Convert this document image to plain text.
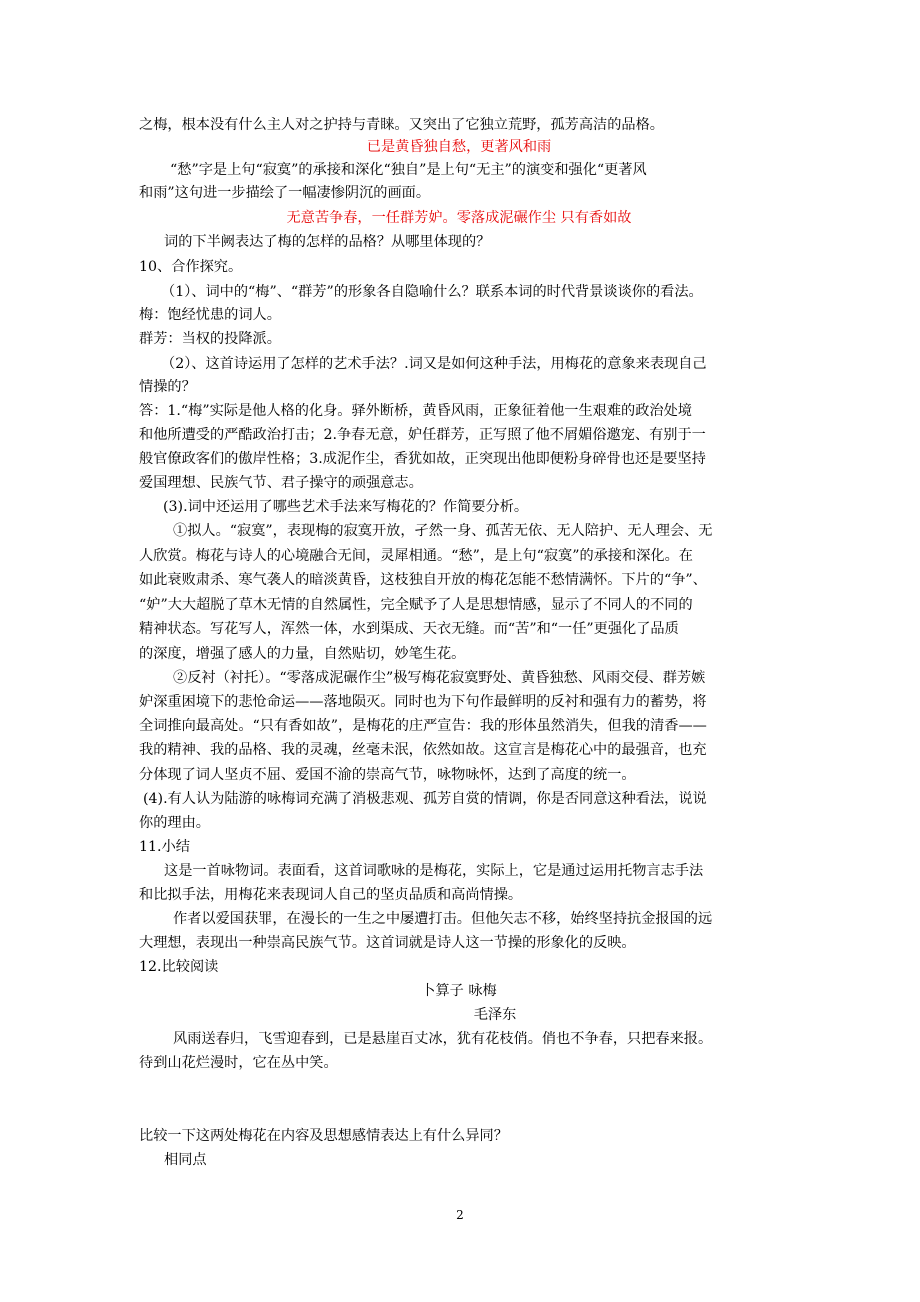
之梅，根本没有什么主人对之护持与青睐。又突出了它独立荒野，孤芳高洁的品格。
已是黄昏独自愁，更著风和雨
“愁”字是上句“寂寞”的承接和深化“独自”是上句“无主”的演变和强化“更著风
和雨”这句进一步描绘了一幅凄惨阴沉的画面。
无意苦争春，一任群芳妒。零落成泥碾作尘 只有香如故
词的下半阙表达了梅的怎样的品格？从哪里体现的？
10、合作探究。
（1）、词中的“梅”、“群芳”的形象各自隐喻什么？联系本词的时代背景谈谈你的看法。
梅：饱经忧患的词人。
群芳：当权的投降派。
（2）、这首诗运用了怎样的艺术手法？.词又是如何这种手法，用梅花的意象来表现自己
情操的？
答：1.“梅”实际是他人格的化身。驿外断桥，黄昏风雨，正象征着他一生艰难的政治处境
和他所遭受的严酷政治打击；2.争春无意，妒任群芳，正写照了他不屑媚俗邀宠、有别于一
般官僚政客们的傲岸性格；3.成泥作尘，香犹如故，正突现出他即便粉身碎骨也还是要坚持
爱国理想、民族气节、君子操守的顽强意志。
(3).词中还运用了哪些艺术手法来写梅花的？作简要分析。
①拟人。“寂寞”，表现梅的寂寞开放，孑然一身、孤苦无依、无人陪护、无人理会、无
人欣赏。梅花与诗人的心境融合无间，灵犀相通。“愁”，是上句“寂寞”的承接和深化。在
如此衰败肃杀、寒气袭人的暗淡黄昏，这枝独自开放的梅花怎能不愁情满怀。下片的“争”、
“妒”大大超脱了草木无情的自然属性，完全赋予了人是思想情感，显示了不同人的不同的
精神状态。写花写人，浑然一体，水到渠成、天衣无缝。而“苦”和“一任”更强化了品质
的深度，增强了感人的力量，自然贴切，妙笔生花。
②反衬（衬托）。“零落成泥碾作尘”极写梅花寂寞野处、黄昏独愁、风雨交侵、群芳嫉
妒深重困境下的悲怆命运——落地陨灭。同时也为下句作最鲜明的反衬和强有力的蓄势，将
全词推向最高处。“只有香如故”，是梅花的庄严宣告：我的形体虽然消失，但我的清香——
我的精神、我的品格、我的灵魂，丝毫未泯，依然如故。这宣言是梅花心中的最强音，也充
分体现了词人坚贞不屈、爱国不渝的崇高气节，咏物咏怀，达到了高度的统一。
(4).有人认为陆游的咏梅词充满了消极悲观、孤芳自赏的情调，你是否同意这种看法，说说
你的理由。
11.小结
这是一首咏物词。表面看，这首词歌咏的是梅花，实际上，它是通过运用托物言志手法
和比拟手法，用梅花来表现词人自己的坚贞品质和高尚情操。
作者以爱国获罪，在漫长的一生之中屡遭打击。但他矢志不移，始终坚持抗金报国的远
大理想，表现出一种崇高民族气节。这首词就是诗人这一节操的形象化的反映。
12.比较阅读
卜算子 咏梅
毛泽东
风雨送春归，飞雪迎春到，已是悬崖百丈冰，犹有花枝俏。俏也不争春，只把春来报。
待到山花烂漫时，它在丛中笑。
比较一下这两处梅花在内容及思想感情表达上有什么异同？
相同点
2
